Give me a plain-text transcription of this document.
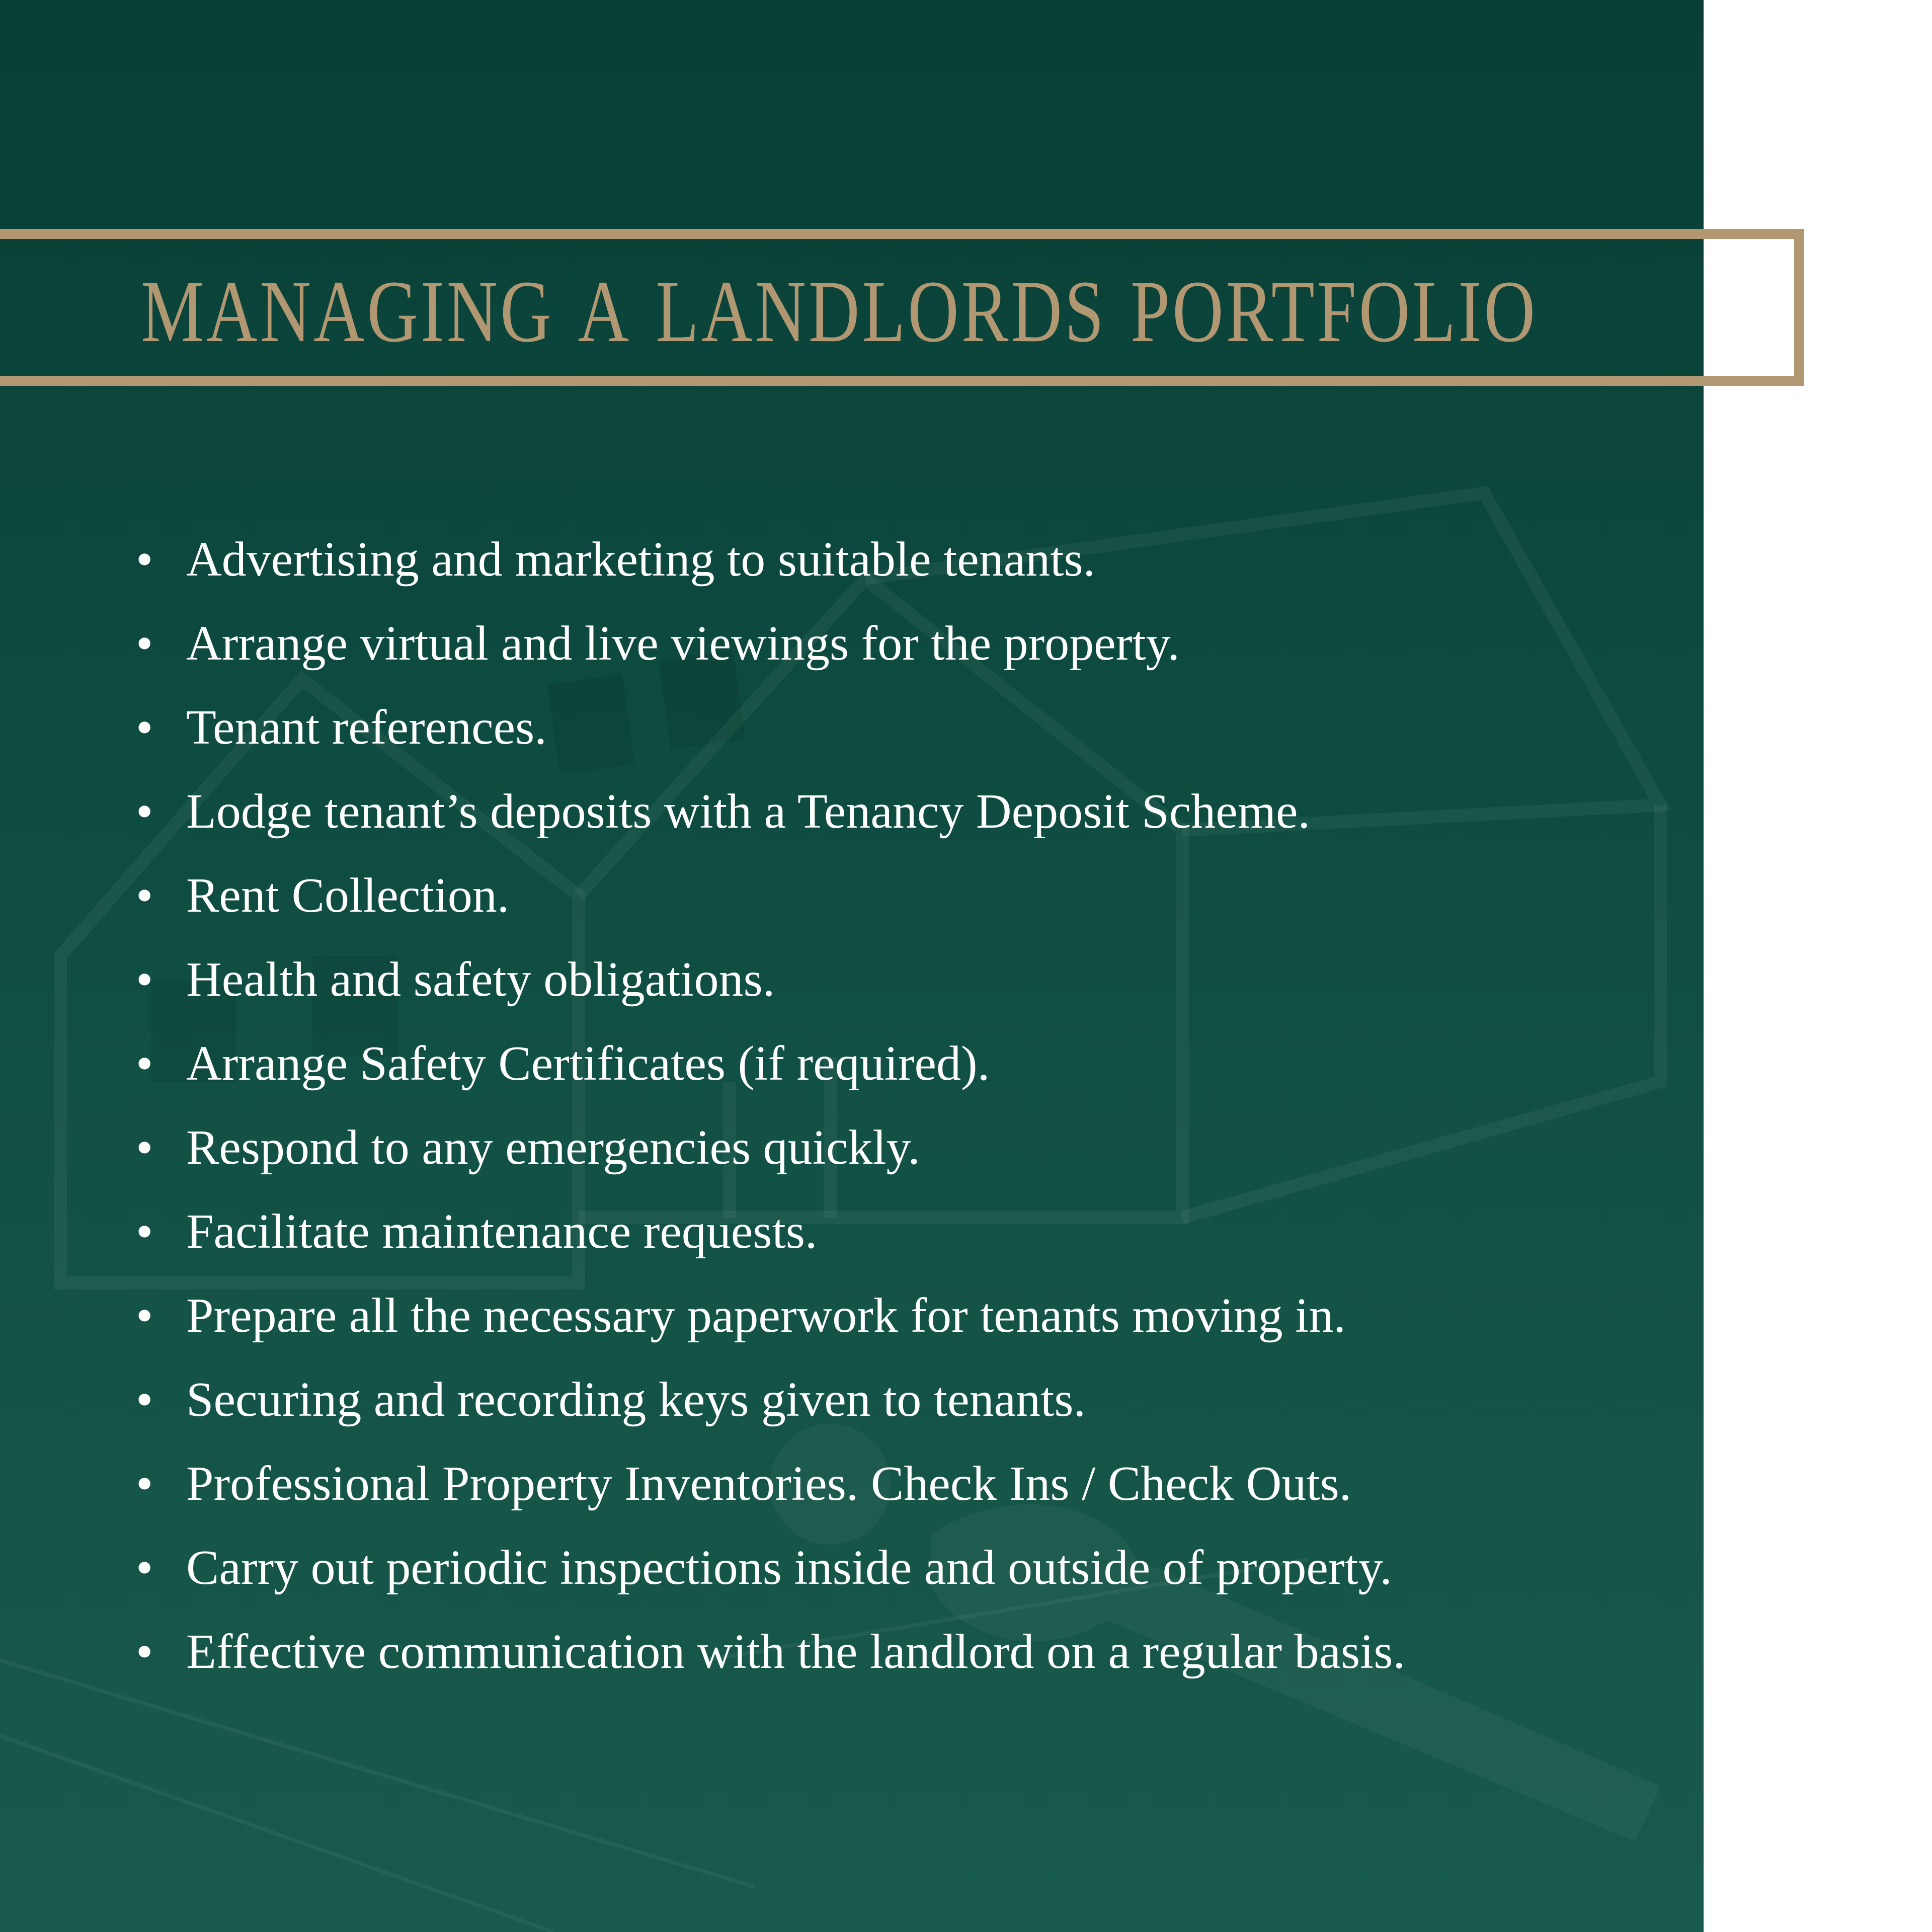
MANAGING A LANDLORDS PORTFOLIO
• Advertising and marketing to suitable tenants.
• Arrange virtual and live viewings for the property.
• Tenant references.
• Lodge tenant’s deposits with a Tenancy Deposit Scheme.
• Rent Collection.
• Health and safety obligations.
• Arrange Safety Certificates (if required).
• Respond to any emergencies quickly.
• Facilitate maintenance requests.
• Prepare all the necessary paperwork for tenants moving in.
• Securing and recording keys given to tenants.
• Professional Property Inventories. Check Ins / Check Outs.
• Carry out periodic inspections inside and outside of property.
• Effective communication with the landlord on a regular basis.
